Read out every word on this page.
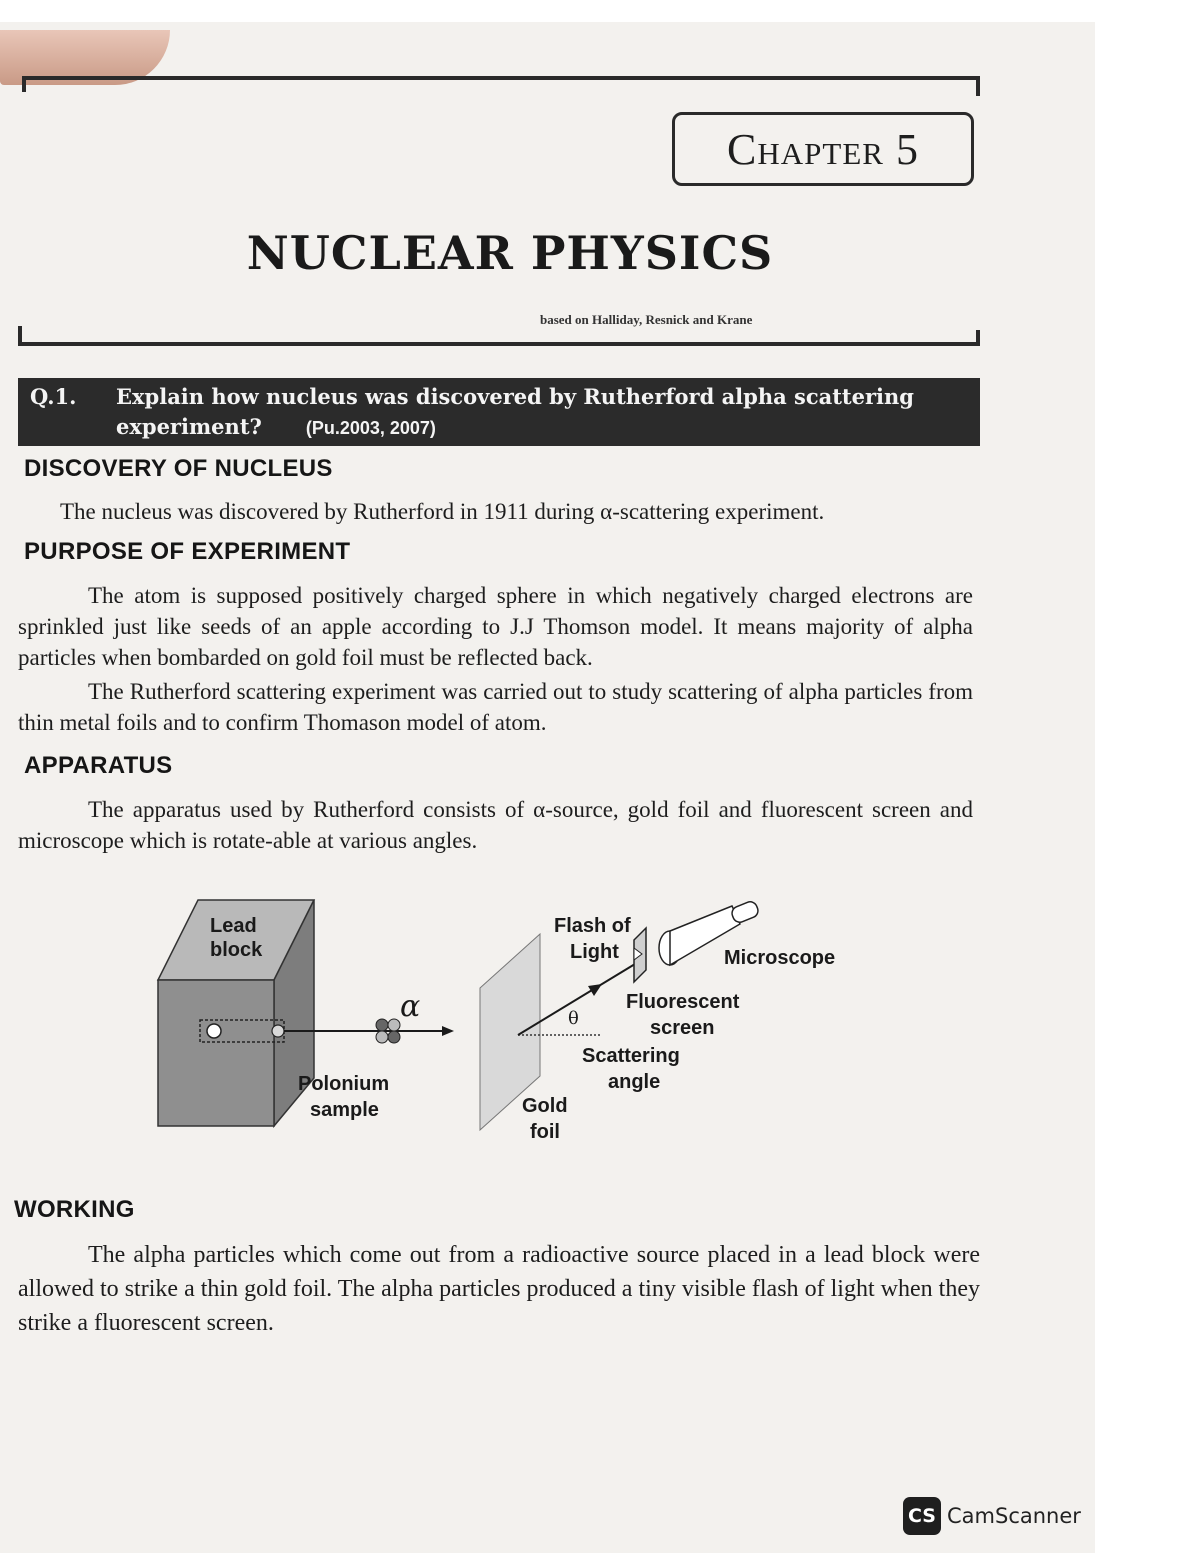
Chapter 5
NUCLEAR PHYSICS
based on Halliday, Resnick and Krane
Q.1. Explain how nucleus was discovered by Rutherford alpha scattering
experiment? (Pu.2003, 2007)
DISCOVERY OF NUCLEUS
The nucleus was discovered by Rutherford in 1911 during α-scattering experiment.
PURPOSE OF EXPERIMENT
The atom is supposed positively charged sphere in which negatively charged electrons are sprinkled just like seeds of an apple according to J.J Thomson model. It means majority of alpha particles when bombarded on gold foil must be reflected back.
The Rutherford scattering experiment was carried out to study scattering of alpha particles from thin metal foils and to confirm Thomason model of atom.
APPARATUS
The apparatus used by Rutherford consists of α-source, gold foil and fluorescent screen and microscope which is rotate-able at various angles.
Lead
block
α
Polonium
sample	Gold
foil
θ
Scattering
angle
Flash of
Light	Microscope
Fluorescent
screen
WORKING
The alpha particles which come out from a radioactive source placed in a lead block were allowed to strike a thin gold foil. The alpha particles produced a tiny visible flash of light when they strike a fluorescent screen.
CS CamScanner
